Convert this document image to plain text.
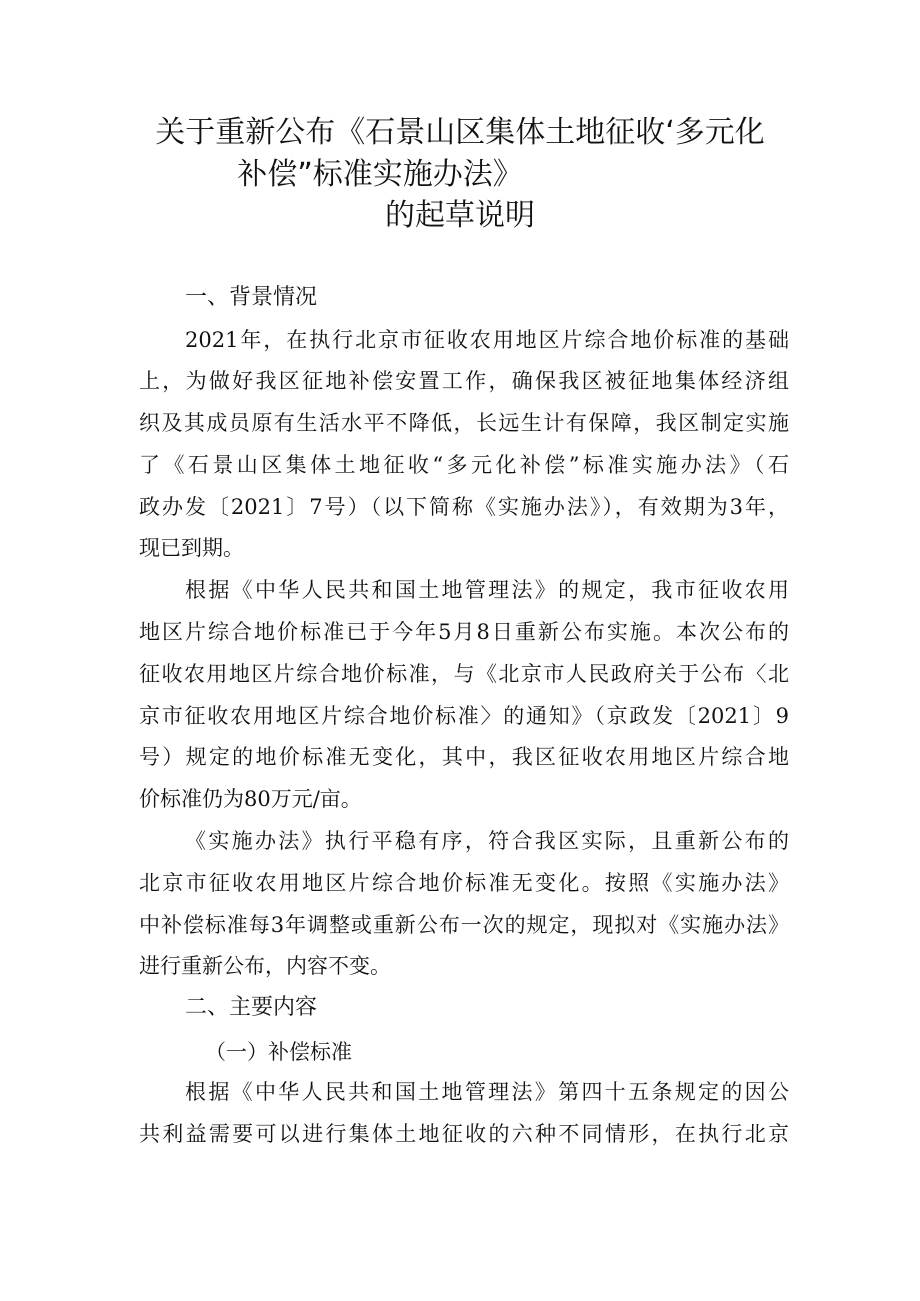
关于重新公布《石景山区集体土地征收‘多元化
补偿”标准实施办法》
的起草说明
一、背景情况
2021年，在执行北京市征收农用地区片综合地价标准的基础
上，为做好我区征地补偿安置工作，确保我区被征地集体经济组
织及其成员原有生活水平不降低，长远生计有保障，我区制定实施
了《石景山区集体土地征收“多元化补偿”标准实施办法》（石
政办发〔2021〕7号）（以下简称《实施办法》），有效期为3年，
现已到期。
根据《中华人民共和国土地管理法》的规定，我市征收农用
地区片综合地价标准已于今年5月8日重新公布实施。本次公布的
征收农用地区片综合地价标准，与《北京市人民政府关于公布〈北
京市征收农用地区片综合地价标准〉的通知》（京政发〔2021〕9
号）规定的地价标准无变化，其中，我区征收农用地区片综合地
价标准仍为80万元/亩。
《实施办法》执行平稳有序，符合我区实际，且重新公布的
北京市征收农用地区片综合地价标准无变化。按照《实施办法》
中补偿标准每3年调整或重新公布一次的规定，现拟对《实施办法》
进行重新公布，内容不变。
二、主要内容
（一）补偿标准
根据《中华人民共和国土地管理法》第四十五条规定的因公
共利益需要可以进行集体土地征收的六种不同情形，在执行北京
